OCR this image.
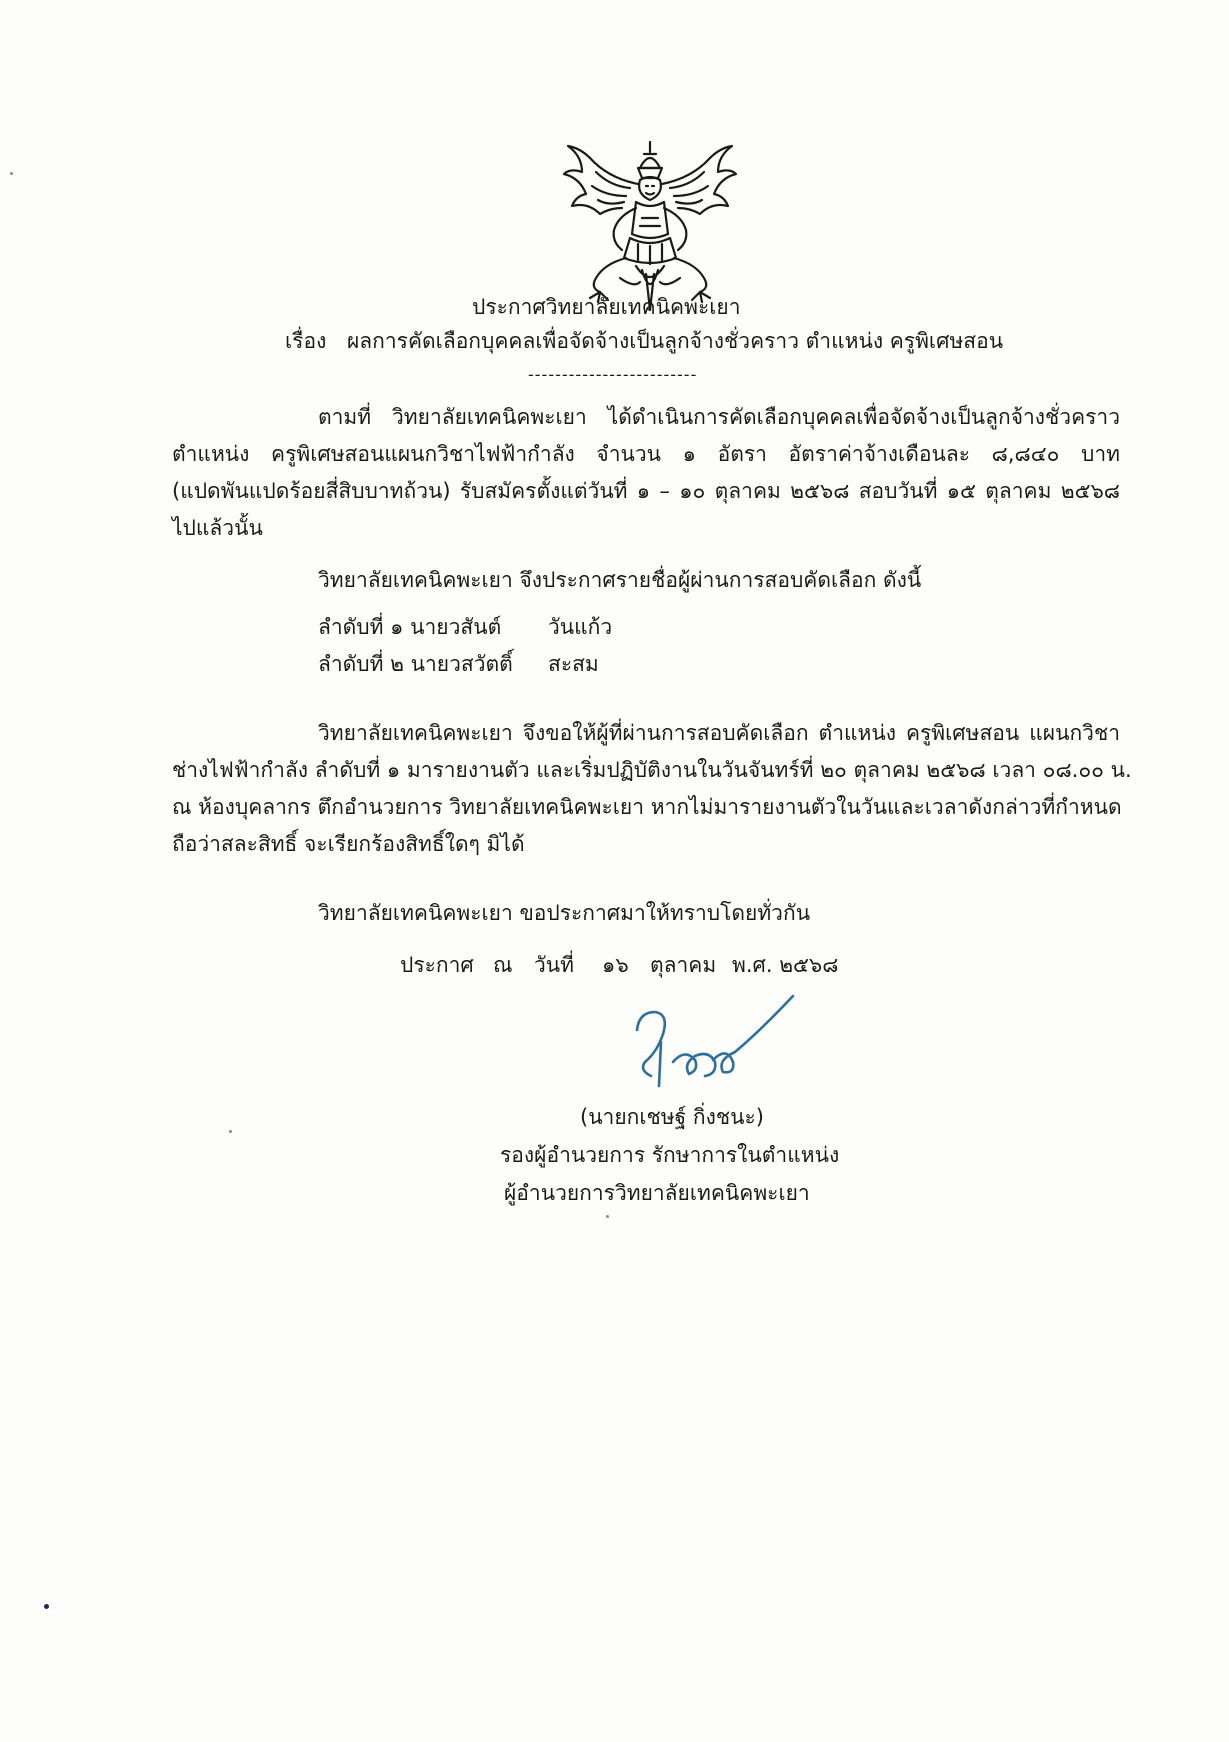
ประกาศวิทยาลัยเทคนิคพะเยา
เรื่อง ผลการคัดเลือกบุคคลเพื่อจัดจ้างเป็นลูกจ้างชั่วคราว ตำแหน่ง ครูพิเศษสอน
-------------------------
ตามที่ วิทยาลัยเทคนิคพะเยา ได้ดำเนินการคัดเลือกบุคคลเพื่อจัดจ้างเป็นลูกจ้างชั่วคราว
ตำแหน่ง ครูพิเศษสอนแผนกวิชาไฟฟ้ากำลัง จำนวน ๑ อัตรา อัตราค่าจ้างเดือนละ ๘,๘๔๐ บาท
(แปดพันแปดร้อยสี่สิบบาทถ้วน) รับสมัครตั้งแต่วันที่ ๑ – ๑๐ ตุลาคม ๒๕๖๘ สอบวันที่ ๑๕ ตุลาคม ๒๕๖๘
ไปแล้วนั้น
วิทยาลัยเทคนิคพะเยา จึงประกาศรายชื่อผู้ผ่านการสอบคัดเลือก ดังนี้
ลำดับที่ ๑ นายวสันต์ วันแก้ว
ลำดับที่ ๒ นายวสวัตติ์ สะสม
วิทยาลัยเทคนิคพะเยา จึงขอให้ผู้ที่ผ่านการสอบคัดเลือก ตำแหน่ง ครูพิเศษสอน แผนกวิชา
ช่างไฟฟ้ากำลัง ลำดับที่ ๑ มารายงานตัว และเริ่มปฏิบัติงานในวันจันทร์ที่ ๒๐ ตุลาคม ๒๕๖๘ เวลา ๐๘.๐๐ น.
ณ ห้องบุคลากร ตึกอำนวยการ วิทยาลัยเทคนิคพะเยา หากไม่มารายงานตัวในวันและเวลาดังกล่าวที่กำหนด
ถือว่าสละสิทธิ์ จะเรียกร้องสิทธิ์ใดๆ มิได้
วิทยาลัยเทคนิคพะเยา ขอประกาศมาให้ทราบโดยทั่วกัน
ประกาศ ณ วันที่ ๑๖ ตุลาคม พ.ศ. ๒๕๖๘
(นายกเชษฐ์ กิ่งชนะ)
รองผู้อำนวยการ รักษาการในตำแหน่ง
ผู้อำนวยการวิทยาลัยเทคนิคพะเยา
